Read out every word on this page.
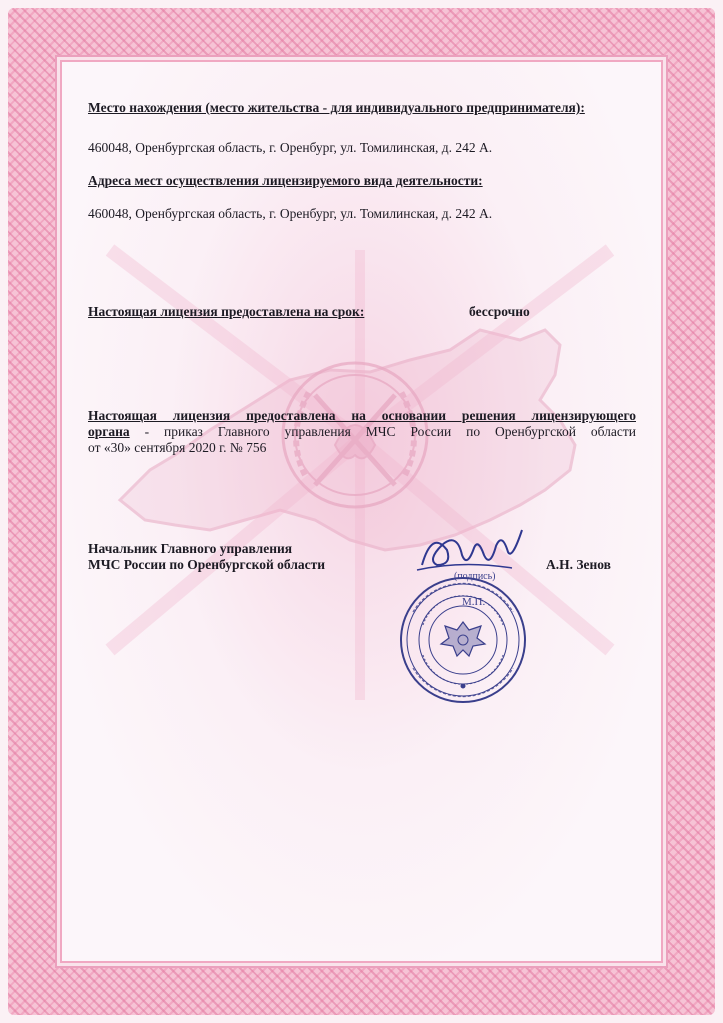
Место нахождения (место жительства - для индивидуального предпринимателя):
460048, Оренбургская область, г. Оренбург, ул. Томилинская, д. 242 А.
Адреса мест осуществления лицензируемого вида деятельности:
460048, Оренбургская область, г. Оренбург, ул. Томилинская, д. 242 А.
Настоящая лицензия предоставлена на срок:	бессрочно
Настоящая лицензия предоставлена на основании решения лицензирующего
органа - приказ Главного управления МЧС России по Оренбургской области
от «30» сентября 2020 г. № 756
Начальник Главного управления
МЧС России по Оренбургской области	А.Н. Зенов
(подпись)
М.П.
